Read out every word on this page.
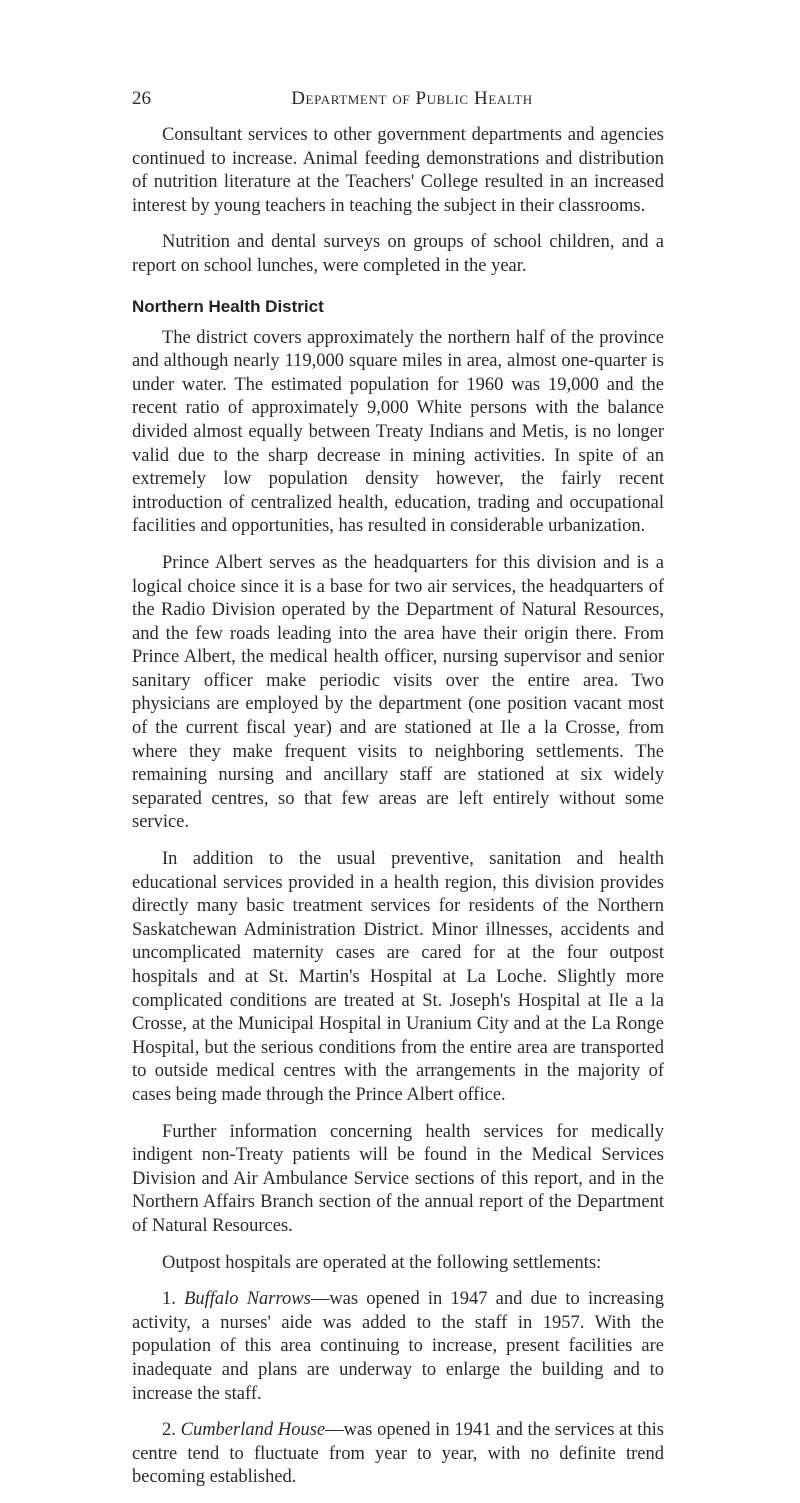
26	Department of Public Health

Consultant services to other government departments and agencies continued to increase. Animal feeding demonstrations and distribution of nutrition literature at the Teachers' College resulted in an increased interest by young teachers in teaching the subject in their classrooms.

Nutrition and dental surveys on groups of school children, and a report on school lunches, were completed in the year.

Northern Health District

The district covers approximately the northern half of the province and although nearly 119,000 square miles in area, almost one-quarter is under water. The estimated population for 1960 was 19,000 and the recent ratio of approximately 9,000 White persons with the balance divided almost equally between Treaty Indians and Metis, is no longer valid due to the sharp decrease in mining activities. In spite of an extremely low population density however, the fairly recent introduction of centralized health, education, trading and occupational facilities and opportunities, has resulted in considerable urbanization.

Prince Albert serves as the headquarters for this division and is a logical choice since it is a base for two air services, the headquarters of the Radio Division operated by the Department of Natural Resources, and the few roads leading into the area have their origin there. From Prince Albert, the medical health officer, nursing supervisor and senior sanitary officer make periodic visits over the entire area. Two physicians are employed by the department (one position vacant most of the current fiscal year) and are stationed at Ile a la Crosse, from where they make frequent visits to neighboring settlements. The remaining nursing and ancillary staff are stationed at six widely separated centres, so that few areas are left entirely without some service.

In addition to the usual preventive, sanitation and health educational services provided in a health region, this division provides directly many basic treatment services for residents of the Northern Saskatchewan Administration District. Minor illnesses, accidents and uncomplicated maternity cases are cared for at the four outpost hospitals and at St. Martin's Hospital at La Loche. Slightly more complicated conditions are treated at St. Joseph's Hospital at Ile a la Crosse, at the Municipal Hospital in Uranium City and at the La Ronge Hospital, but the serious conditions from the entire area are transported to outside medical centres with the arrangements in the majority of cases being made through the Prince Albert office.

Further information concerning health services for medically indigent non-Treaty patients will be found in the Medical Services Division and Air Ambulance Service sections of this report, and in the Northern Affairs Branch section of the annual report of the Department of Natural Resources.

Outpost hospitals are operated at the following settlements:

1. Buffalo Narrows—was opened in 1947 and due to increasing activity, a nurses' aide was added to the staff in 1957. With the population of this area continuing to increase, present facilities are inadequate and plans are underway to enlarge the building and to increase the staff.

2. Cumberland House—was opened in 1941 and the services at this centre tend to fluctuate from year to year, with no definite trend becoming established.
